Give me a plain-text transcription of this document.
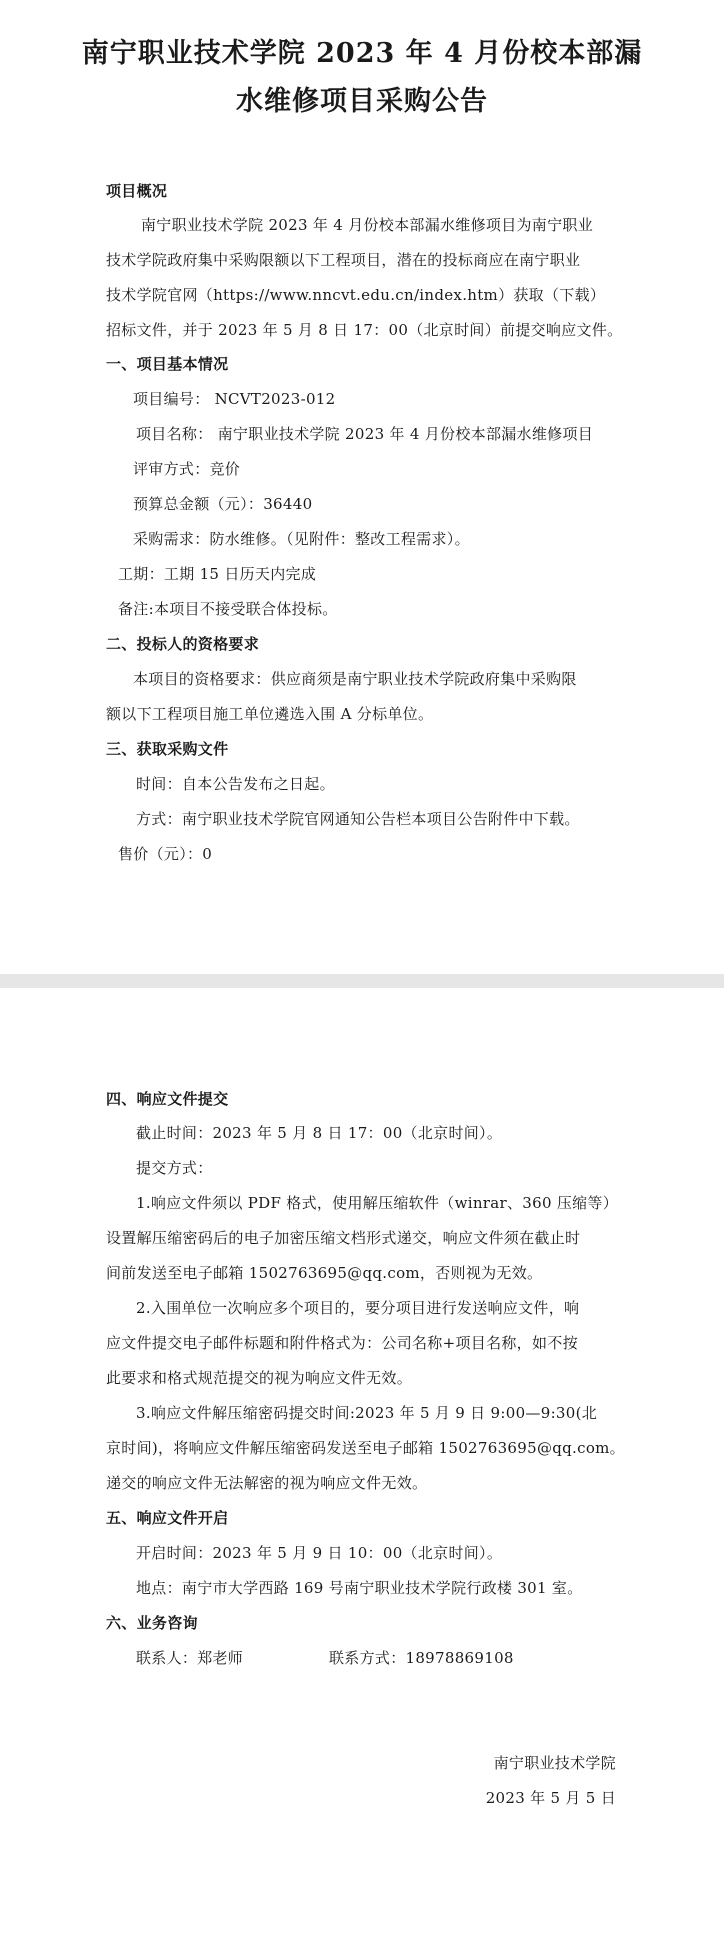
南宁职业技术学院 2023 年 4 月份校本部漏
水维修项目采购公告
项目概况
南宁职业技术学院 2023 年 4 月份校本部漏水维修项目为南宁职业
技术学院政府集中采购限额以下工程项目，潜在的投标商应在南宁职业
技术学院官网（https://www.nncvt.edu.cn/index.htm）获取（下载）
招标文件，并于 2023 年 5 月 8 日 17：00（北京时间）前提交响应文件。
一、项目基本情况
项目编号： NCVT2023-012
项目名称： 南宁职业技术学院 2023 年 4 月份校本部漏水维修项目
评审方式：竞价
预算总金额（元）：36440
采购需求：防水维修。（见附件：整改工程需求）。
工期：工期 15 日历天内完成
备注:本项目不接受联合体投标。
二、投标人的资格要求
本项目的资格要求：供应商须是南宁职业技术学院政府集中采购限
额以下工程项目施工单位遴选入围 A 分标单位。
三、获取采购文件
时间：自本公告发布之日起。
方式：南宁职业技术学院官网通知公告栏本项目公告附件中下载。
售价（元）：0
四、响应文件提交
截止时间：2023 年 5 月 8 日 17：00（北京时间）。
提交方式：
1.响应文件须以 PDF 格式，使用解压缩软件（winrar、360 压缩等）
设置解压缩密码后的电子加密压缩文档形式递交，响应文件须在截止时
间前发送至电子邮箱 1502763695@qq.com，否则视为无效。
2.入围单位一次响应多个项目的，要分项目进行发送响应文件，响
应文件提交电子邮件标题和附件格式为：公司名称+项目名称，如不按
此要求和格式规范提交的视为响应文件无效。
3.响应文件解压缩密码提交时间:2023 年 5 月 9 日 9:00—9:30(北
京时间)，将响应文件解压缩密码发送至电子邮箱 1502763695@qq.com。
递交的响应文件无法解密的视为响应文件无效。
五、响应文件开启
开启时间：2023 年 5 月 9 日 10：00（北京时间）。
地点：南宁市大学西路 169 号南宁职业技术学院行政楼 301 室。
六、业务咨询
联系人：郑老师	联系方式：18978869108
南宁职业技术学院
2023 年 5 月 5 日
